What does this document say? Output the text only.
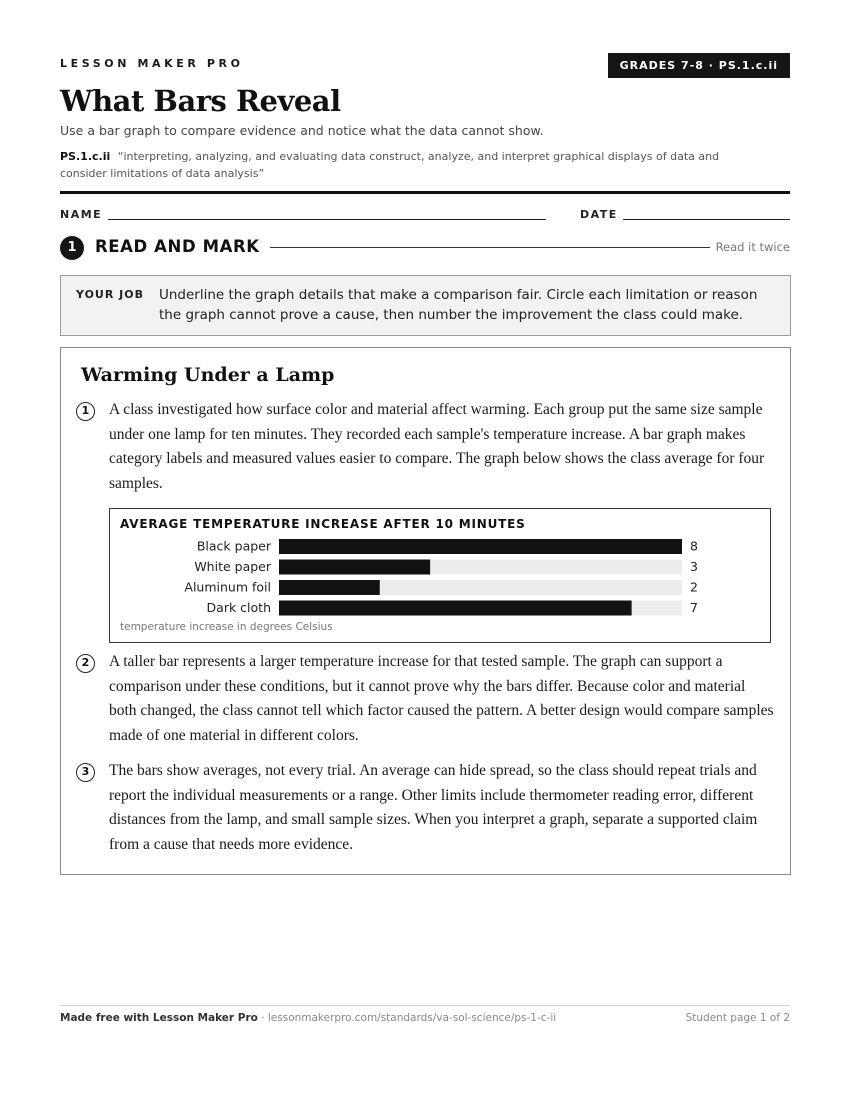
LESSON MAKER PRO	GRADES 7-8 · PS.1.c.ii
What Bars Reveal
Use a bar graph to compare evidence and notice what the data cannot show.
PS.1.c.ii “interpreting, analyzing, and evaluating data construct, analyze, and interpret graphical displays of data and consider limitations of data analysis”
NAME	DATE
1	READ AND MARK	Read it twice
YOUR JOB Underline the graph details that make a comparison fair. Circle each limitation or reason the graph cannot prove a cause, then number the improvement the class could make.
Warming Under a Lamp
1	A class investigated how surface color and material affect warming. Each group put the same size sample under one lamp for ten minutes. They recorded each sample's temperature increase. A bar graph makes category labels and measured values easier to compare. The graph below shows the class average for four samples.

AVERAGE TEMPERATURE INCREASE AFTER 10 MINUTES
Black paper	8
White paper	3
Aluminum foil	2
Dark cloth	7
temperature increase in degrees Celsius
2	A taller bar represents a larger temperature increase for that tested sample. The graph can support a comparison under these conditions, but it cannot prove why the bars differ. Because color and material both changed, the class cannot tell which factor caused the pattern. A better design would compare samples made of one material in different colors.

3	The bars show averages, not every trial. An average can hide spread, so the class should repeat trials and report the individual measurements or a range. Other limits include thermometer reading error, different distances from the lamp, and small sample sizes. When you interpret a graph, separate a supported claim from a cause that needs more evidence.

Made free with Lesson Maker Pro · lessonmakerpro.com/standards/va-sol-science/ps-1-c-ii	Student page 1 of 2
